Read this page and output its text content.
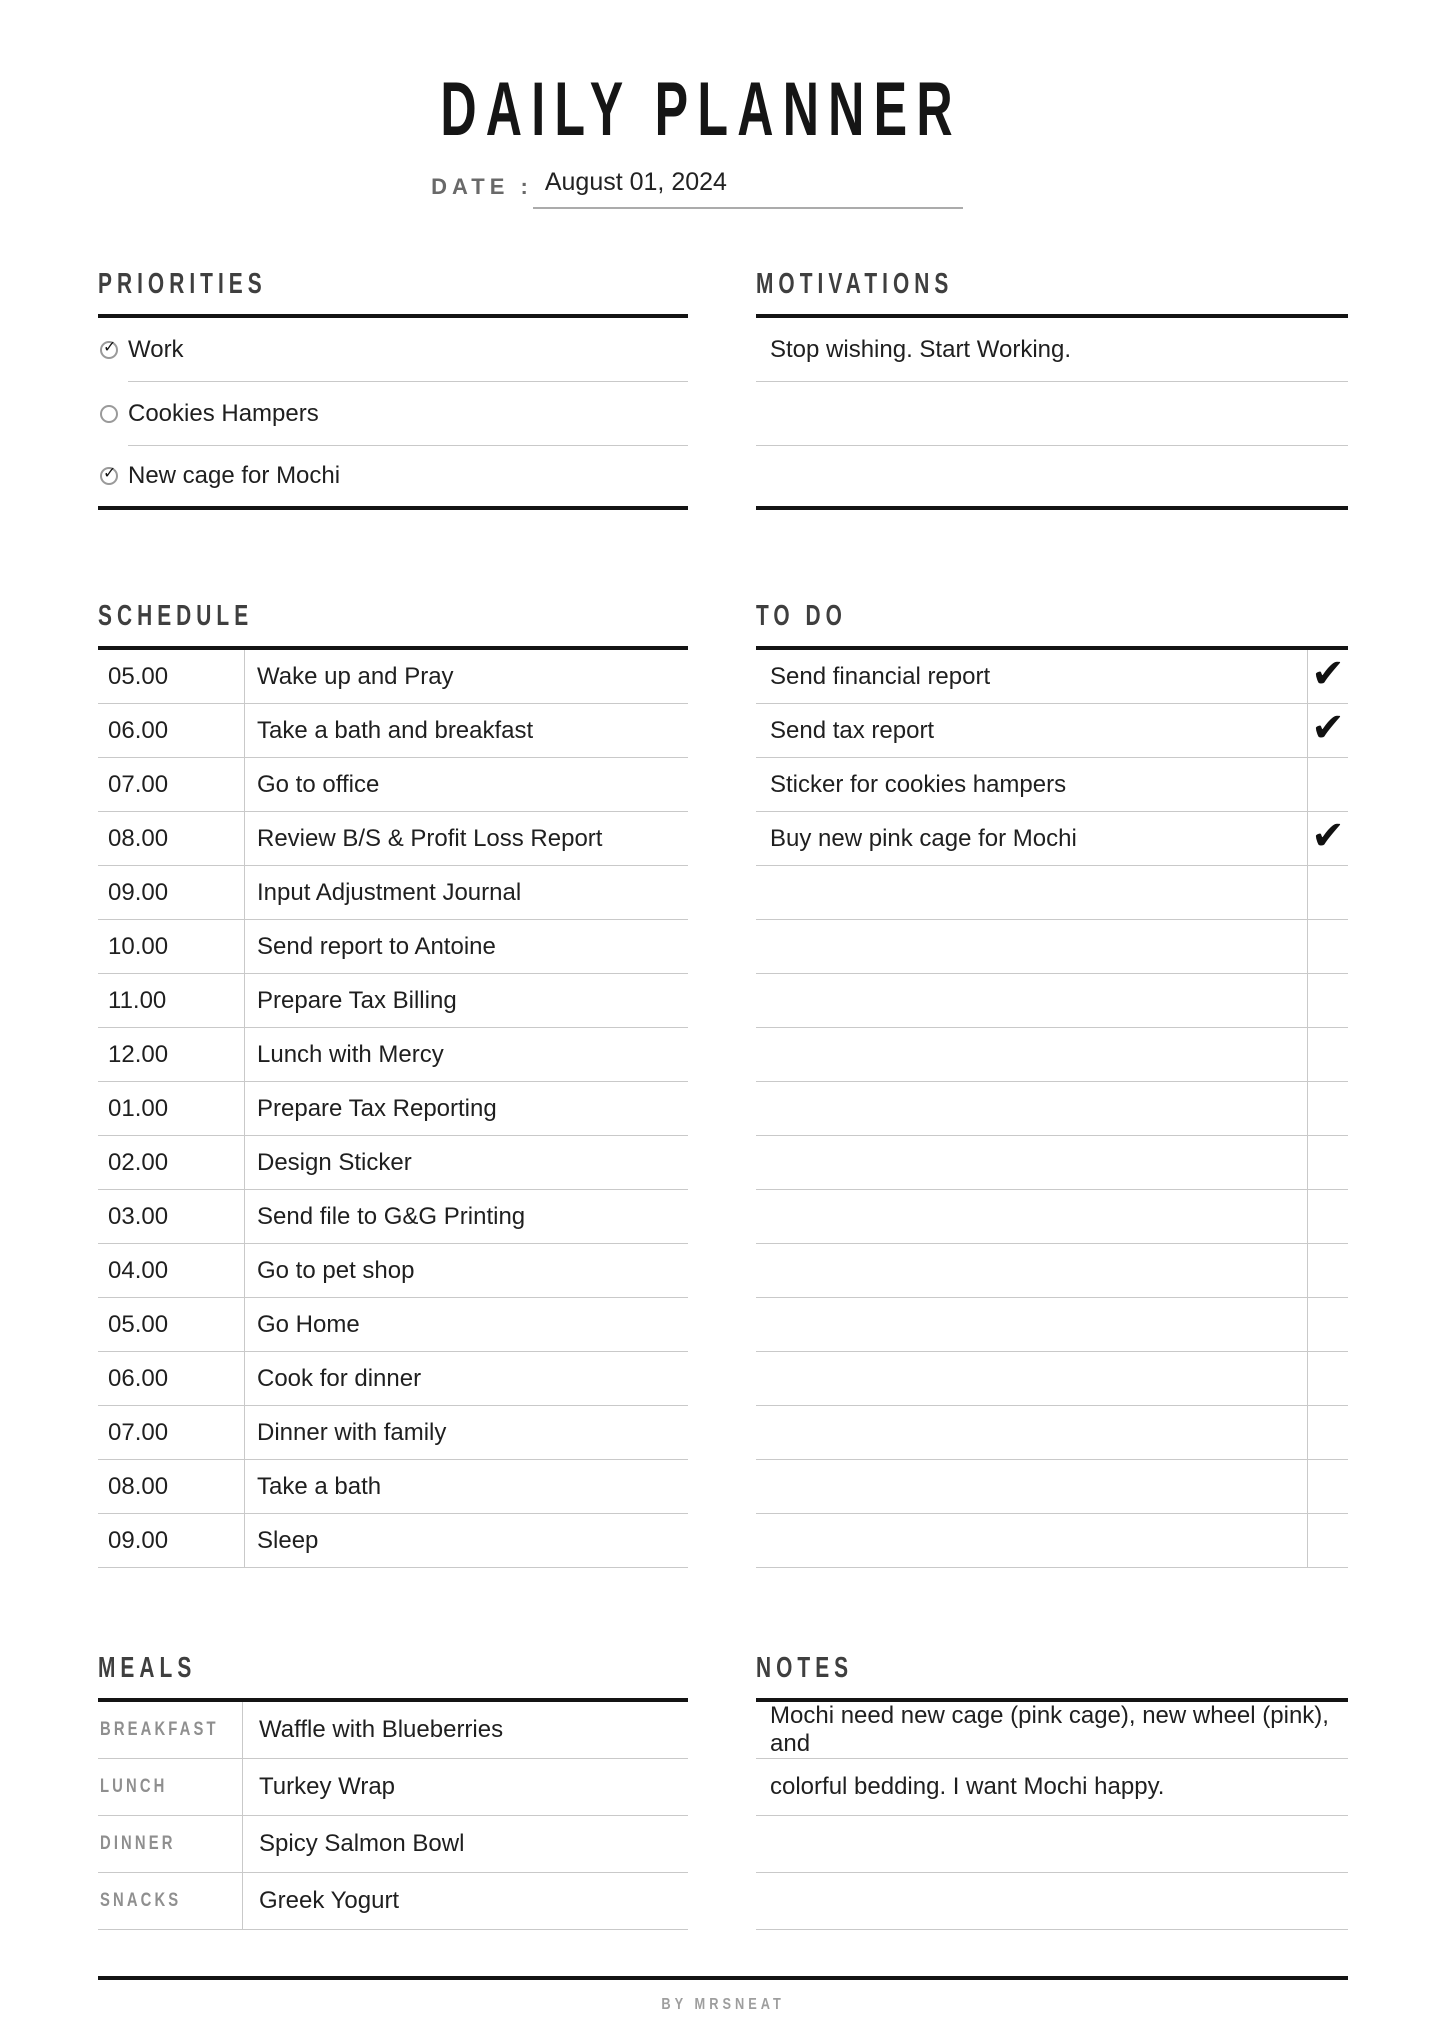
DAILY PLANNER
DATE : August 01, 2024
PRIORITIES
✓ Work
Cookies Hampers
✓ New cage for Mochi
MOTIVATIONS
Stop wishing. Start Working.
SCHEDULE
05.00	Wake up and Pray
06.00	Take a bath and breakfast
07.00	Go to office
08.00	Review B/S & Profit Loss Report
09.00	Input Adjustment Journal
10.00	Send report to Antoine
11.00	Prepare Tax Billing
12.00	Lunch with Mercy
01.00	Prepare Tax Reporting
02.00	Design Sticker
03.00	Send file to G&G Printing
04.00	Go to pet shop
05.00	Go Home
06.00	Cook for dinner
07.00	Dinner with family
08.00	Take a bath
09.00	Sleep
TO DO
Send financial report	✔
Send tax report	✔
Sticker for cookies hampers
Buy new pink cage for Mochi	✔
MEALS
BREAKFAST	Waffle with Blueberries
LUNCH	Turkey Wrap
DINNER	Spicy Salmon Bowl
SNACKS	Greek Yogurt
NOTES
Mochi need new cage (pink cage), new wheel (pink), and
colorful bedding. I want Mochi happy.
BY MRSNEAT
